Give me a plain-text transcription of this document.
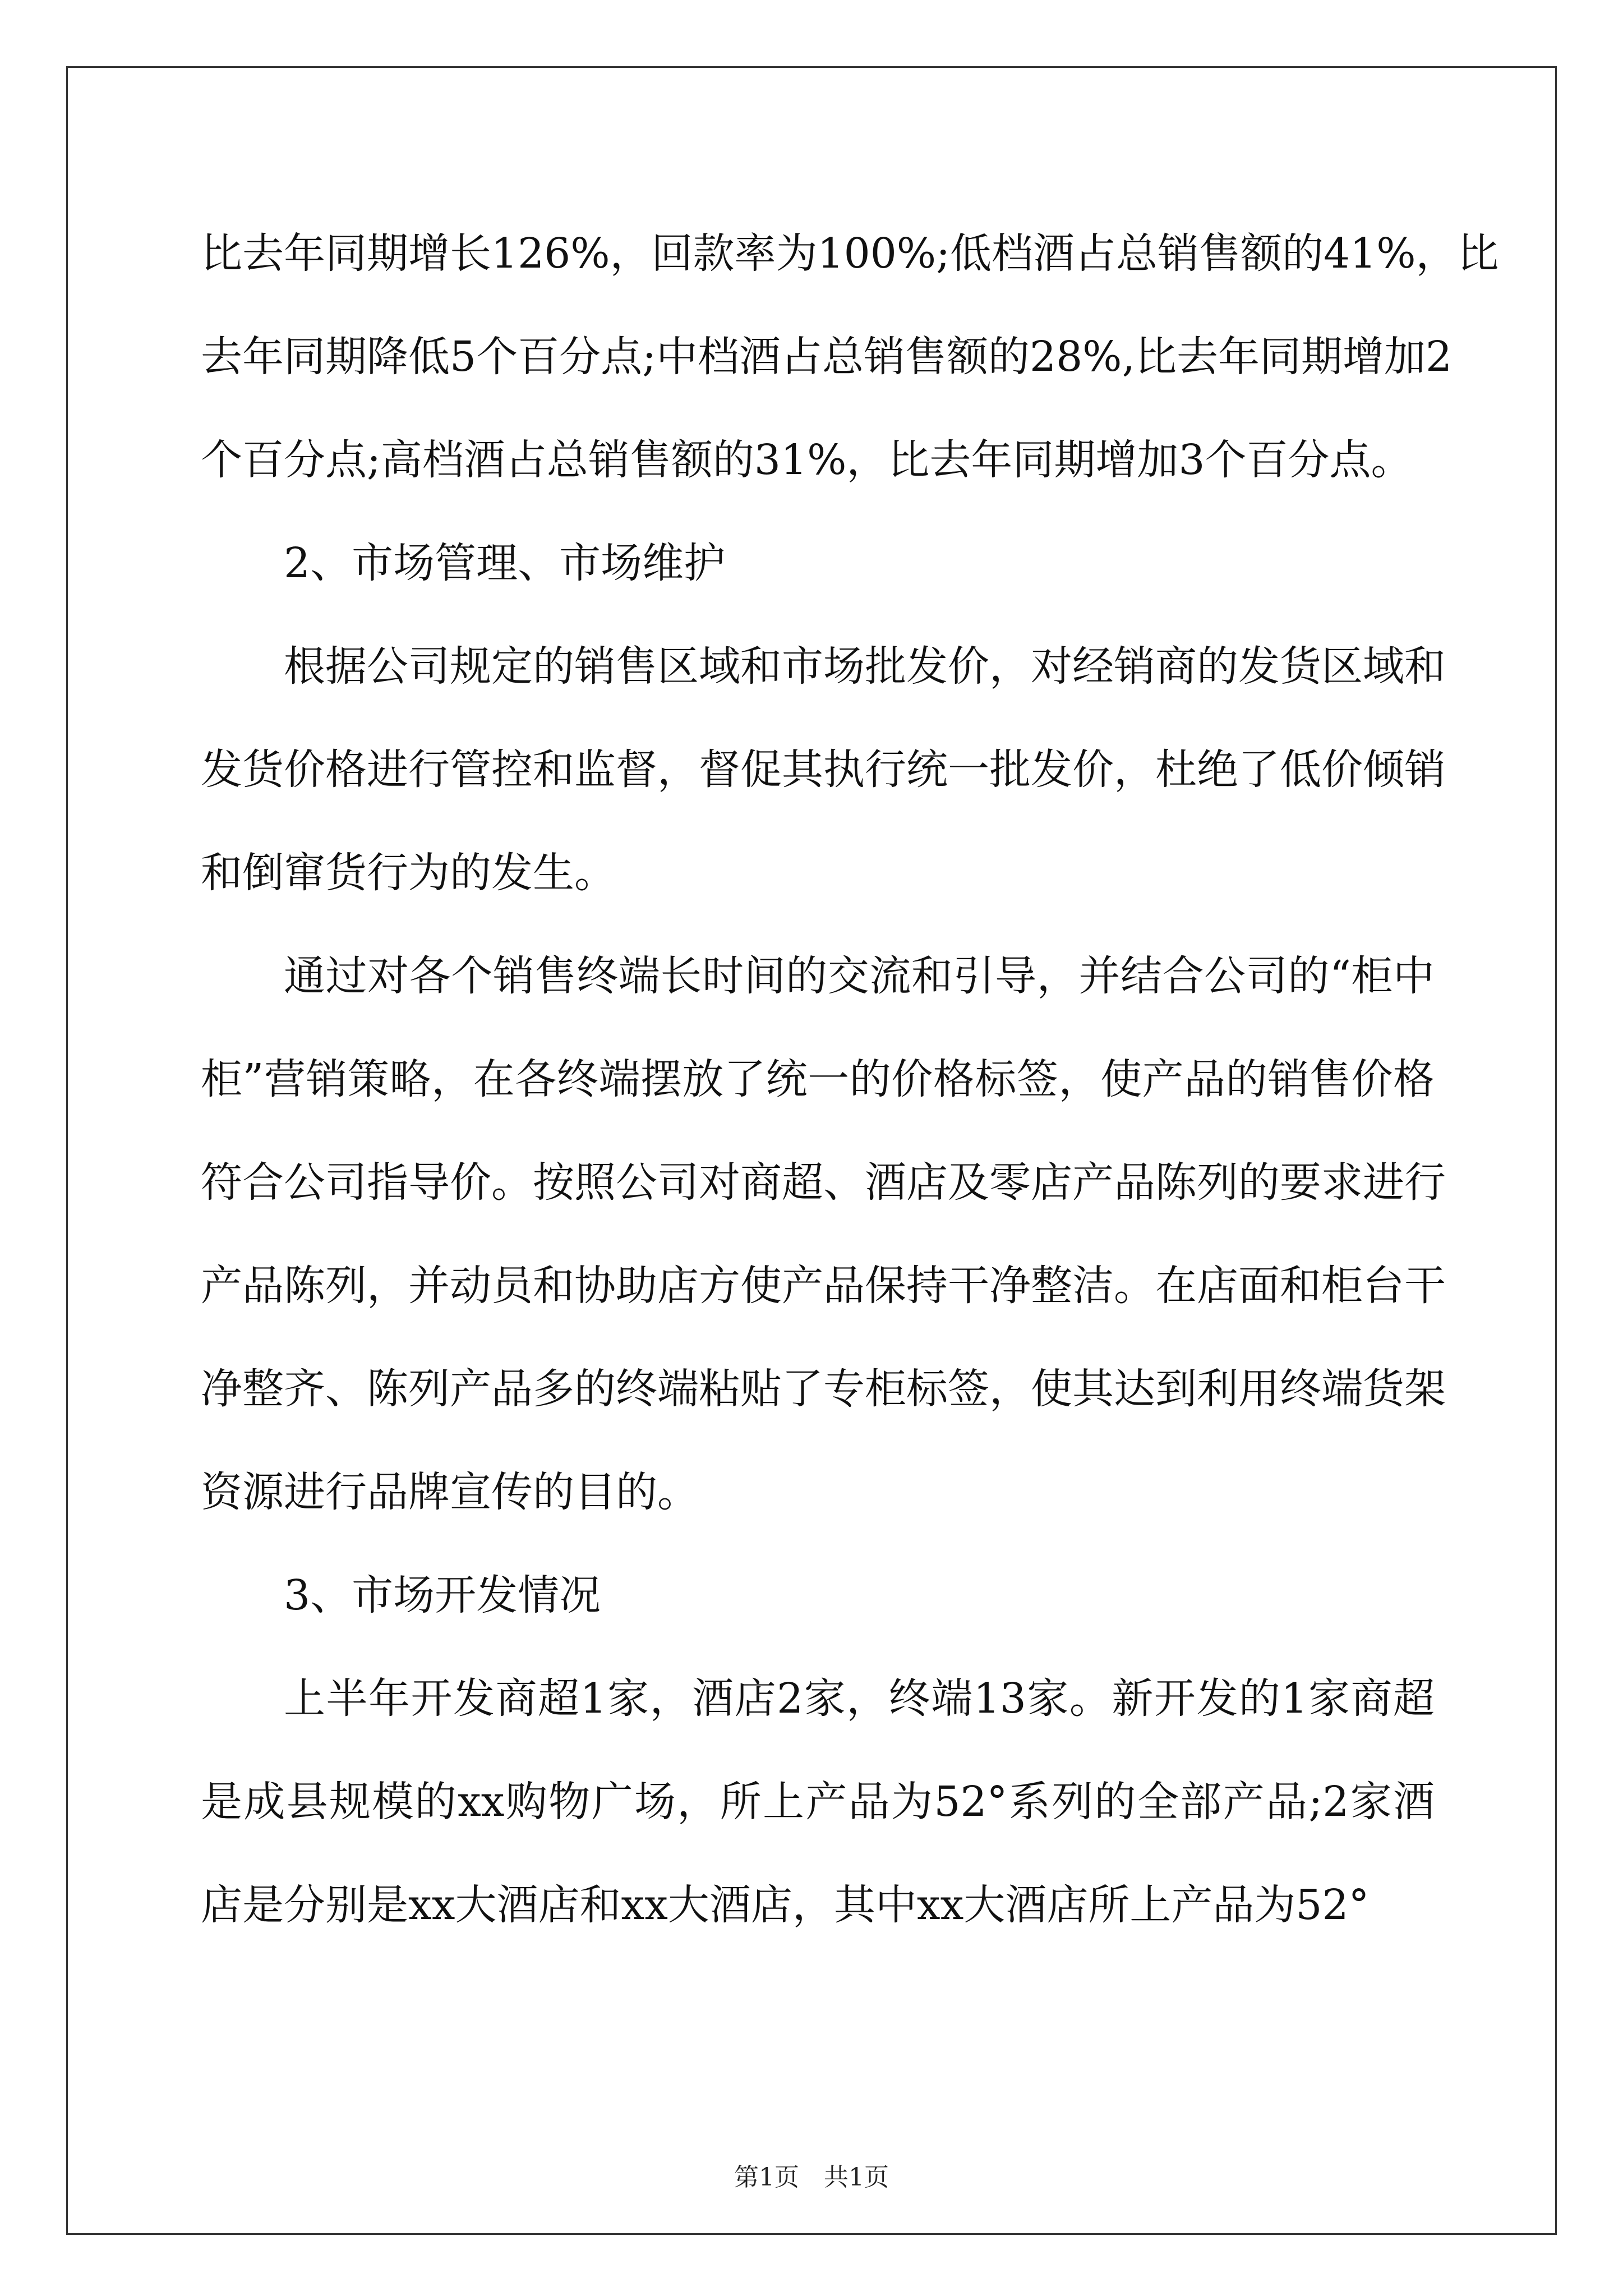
比去年同期增长126%，回款率为100%;低档酒占总销售额的41%，比
去年同期降低5个百分点;中档酒占总销售额的28%,比去年同期增加2
个百分点;高档酒占总销售额的31%，比去年同期增加3个百分点。
2、市场管理、市场维护
根据公司规定的销售区域和市场批发价，对经销商的发货区域和
发货价格进行管控和监督，督促其执行统一批发价，杜绝了低价倾销
和倒窜货行为的发生。
通过对各个销售终端长时间的交流和引导，并结合公司的“柜中
柜”营销策略，在各终端摆放了统一的价格标签，使产品的销售价格
符合公司指导价。按照公司对商超、酒店及零店产品陈列的要求进行
产品陈列，并动员和协助店方使产品保持干净整洁。在店面和柜台干
净整齐、陈列产品多的终端粘贴了专柜标签，使其达到利用终端货架
资源进行品牌宣传的目的。
3、市场开发情况
上半年开发商超1家，酒店2家，终端13家。新开发的1家商超
是成县规模的xx购物广场，所上产品为52°系列的全部产品;2家酒
店是分别是xx大酒店和xx大酒店，其中xx大酒店所上产品为52°
第1页　共1页
